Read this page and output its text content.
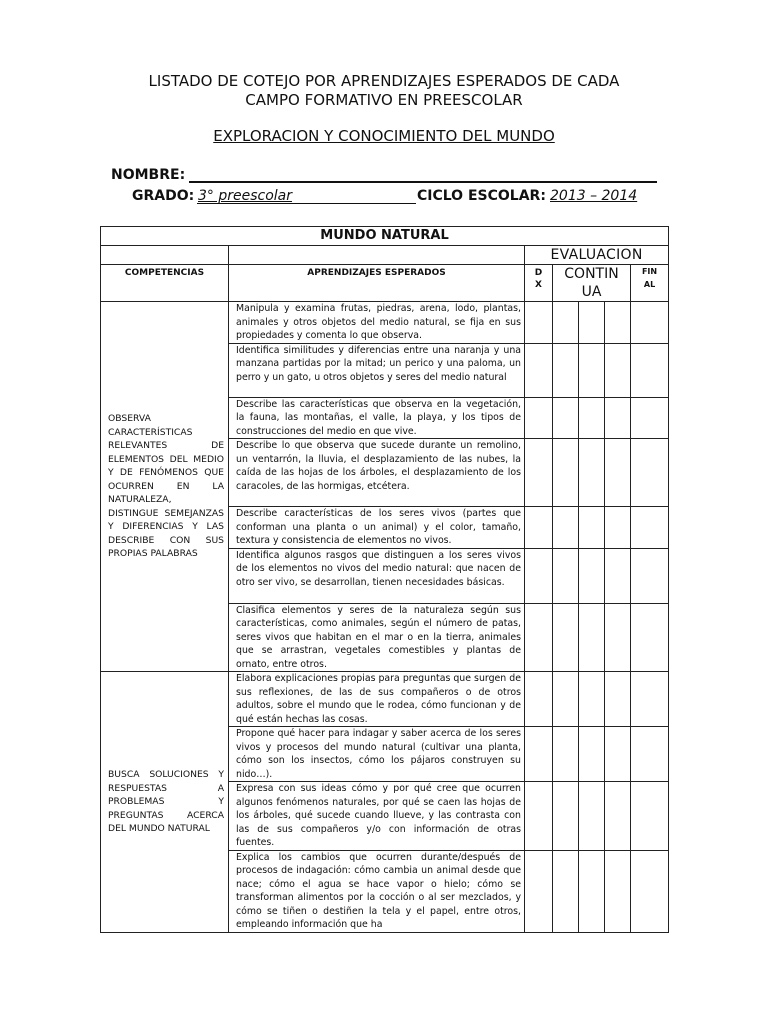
LISTADO DE COTEJO POR APRENDIZAJES ESPERADOS DE CADA
CAMPO FORMATIVO EN PREESCOLAR
EXPLORACION Y CONOCIMIENTO DEL MUNDO
NOMBRE:
GRADO: 3° preescolar	CICLO ESCOLAR: 2013 – 2014
MUNDO NATURAL						
		EVALUACION				
COMPETENCIAS	APRENDIZAJES ESPERADOS	D X	CONTIN UA			FIN AL

OBSERVA CARACTERÍSTICAS RELEVANTES DE ELEMENTOS DEL MEDIO Y DE FENÓMENOS QUE OCURREN EN LA NATURALEZA, DISTINGUE SEMEJANZAS Y DIFERENCIAS Y LAS DESCRIBE CON SUS PROPIAS PALABRAS	Manipula y examina frutas, piedras, arena, lodo, plantas, animales y otros objetos del medio natural, se fija en sus propiedades y comenta lo que observa.					
	Identifica similitudes y diferencias entre una naranja y una manzana partidas por la mitad; un perico y una paloma, un perro y un gato, u otros objetos y seres del medio natural					
	Describe las características que observa en la vegetación, la fauna, las montañas, el valle, la playa, y los tipos de construcciones del medio en que vive.					
	Describe lo que observa que sucede durante un remolino, un ventarrón, la lluvia, el desplazamiento de las nubes, la caída de las hojas de los árboles, el desplazamiento de los caracoles, de las hormigas, etcétera.					
	Describe características de los seres vivos (partes que conforman una planta o un animal) y el color, tamaño, textura y consistencia de elementos no vivos.					
	Identifica algunos rasgos que distinguen a los seres vivos de los elementos no vivos del medio natural: que nacen de otro ser vivo, se desarrollan, tienen necesidades básicas.					
	Clasifica elementos y seres de la naturaleza según sus características, como animales, según el número de patas, seres vivos que habitan en el mar o en la tierra, animales que se arrastran, vegetales comestibles y plantas de ornato, entre otros.					
BUSCA SOLUCIONES Y RESPUESTAS A PROBLEMAS Y PREGUNTAS ACERCA DEL MUNDO NATURAL	Elabora explicaciones propias para preguntas que surgen de sus reflexiones, de las de sus compañeros o de otros adultos, sobre el mundo que le rodea, cómo funcionan y de qué están hechas las cosas.					
	Propone qué hacer para indagar y saber acerca de los seres vivos y procesos del mundo natural (cultivar una planta, cómo son los insectos, cómo los pájaros construyen su nido…).					
	Expresa con sus ideas cómo y por qué cree que ocurren algunos fenómenos naturales, por qué se caen las hojas de los árboles, qué sucede cuando llueve, y las contrasta con las de sus compañeros y/o con información de otras fuentes.					

	Explica los cambios que ocurren durante/después de procesos de indagación: cómo cambia un animal desde que nace; cómo el agua se hace vapor o hielo; cómo se transforman alimentos por la cocción o al ser mezclados, y cómo se tiñen o destiñen la tela y el papel, entre otros, empleando información que ha					
